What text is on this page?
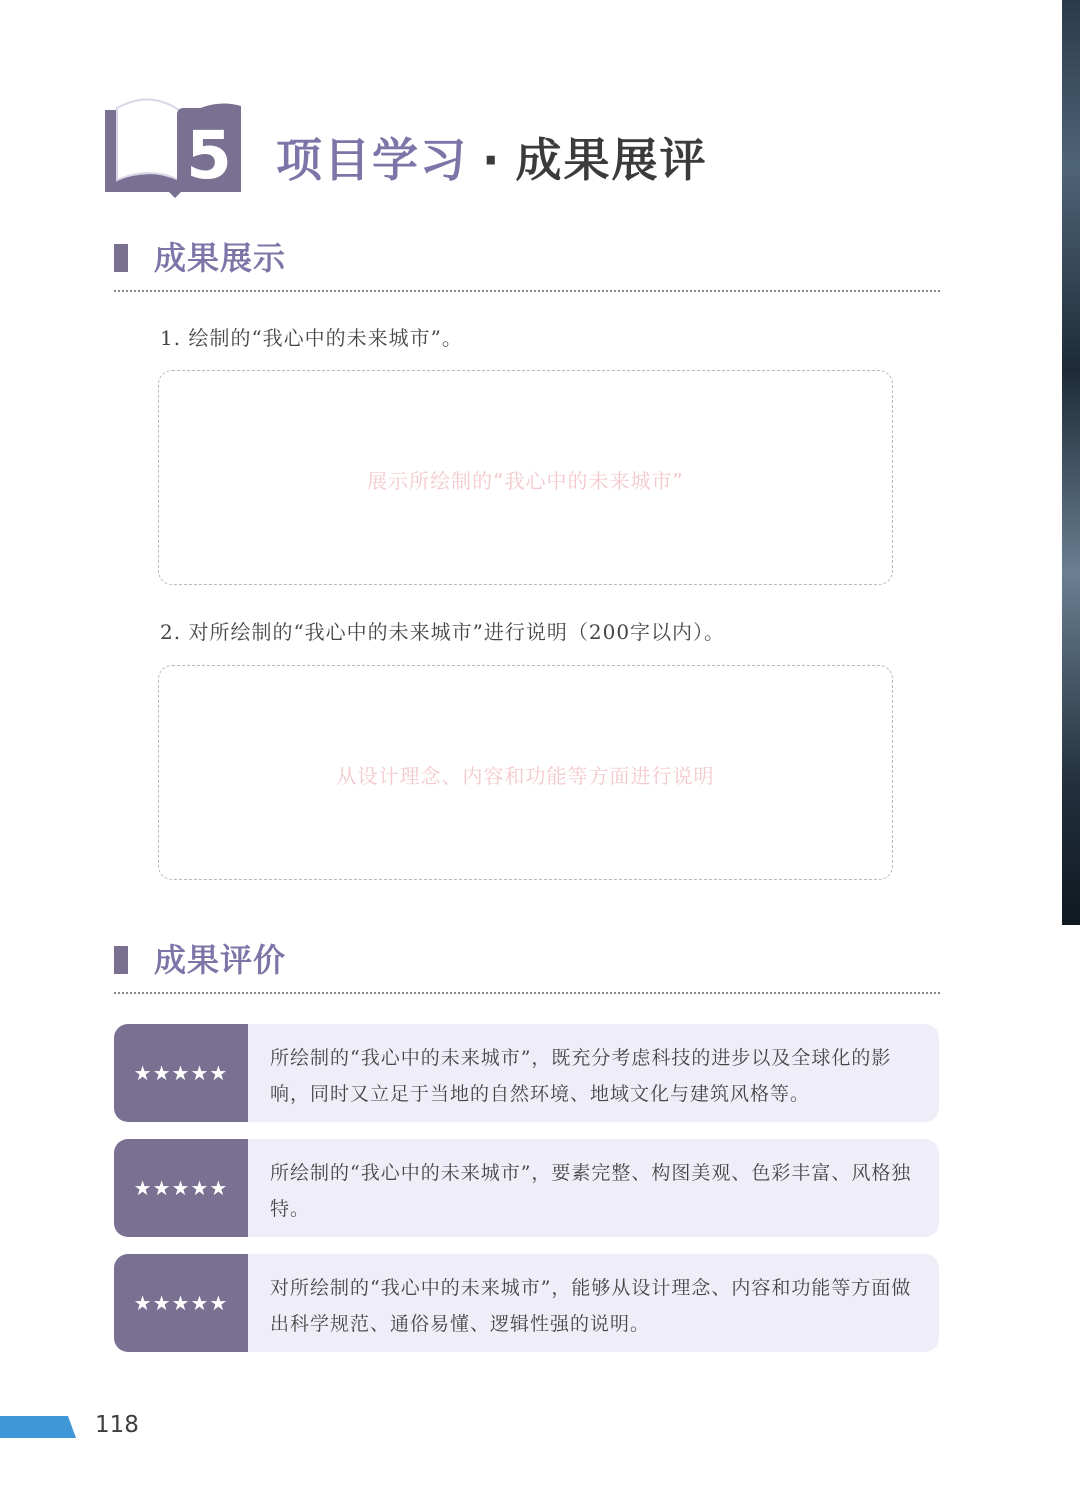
单元 5 项目学习 · 成果展评
成果展示
1. 绘制的“我心中的未来城市”。
展示所绘制的“我心中的未来城市”
2. 对所绘制的“我心中的未来城市”进行说明（200字以内）。
从设计理念、内容和功能等方面进行说明
成果评价
★★★★★
所绘制的“我心中的未来城市”，既充分考虑科技的进步以及全球化的影响，同时又立足于当地的自然环境、地域文化与建筑风格等。
★★★★★
所绘制的“我心中的未来城市”，要素完整、构图美观、色彩丰富、风格独特。
★★★★★
对所绘制的“我心中的未来城市”，能够从设计理念、内容和功能等方面做出科学规范、通俗易懂、逻辑性强的说明。
118
